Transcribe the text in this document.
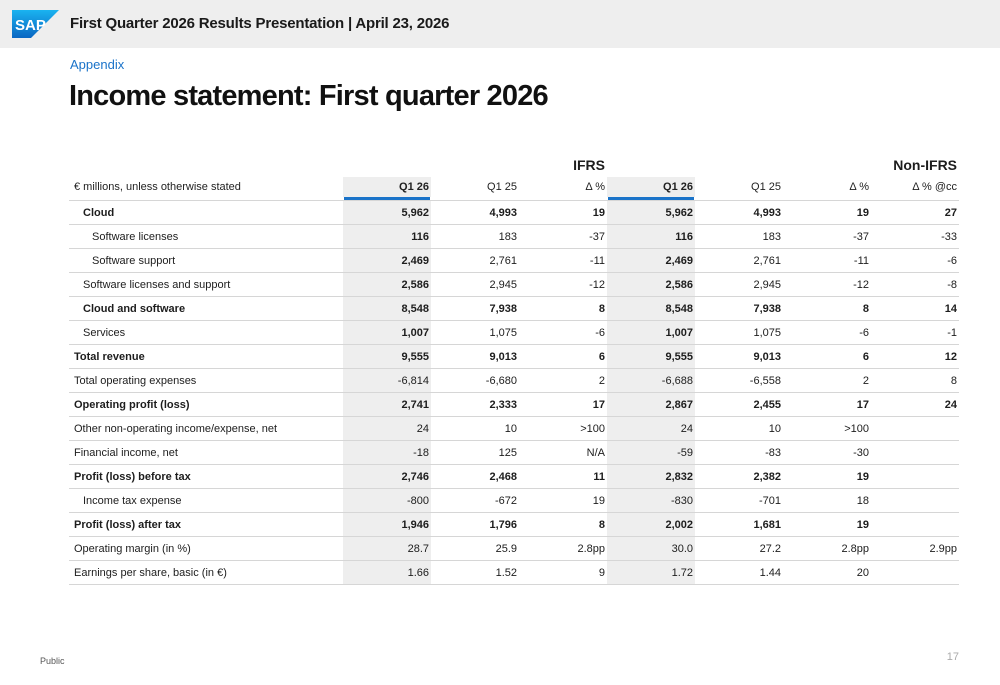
SAP First Quarter 2026 Results Presentation | April 23, 2026
Appendix
Income statement: First quarter 2026
	IFRS			Non-IFRS			
€ millions, unless otherwise stated	Q1 26	Q1 25	Δ %	Q1 26	Q1 25	Δ %	Δ % @cc

Cloud	5,962	4,993	19	5,962	4,993	19	27
Software licenses	116	183	-37	116	183	-37	-33
Software support	2,469	2,761	-11	2,469	2,761	-11	-6
Software licenses and support	2,586	2,945	-12	2,586	2,945	-12	-8
Cloud and software	8,548	7,938	8	8,548	7,938	8	14
Services	1,007	1,075	-6	1,007	1,075	-6	-1
Total revenue	9,555	9,013	6	9,555	9,013	6	12
Total operating expenses	-6,814	-6,680	2	-6,688	-6,558	2	8
Operating profit (loss)	2,741	2,333	17	2,867	2,455	17	24
Other non-operating income/expense, net	24	10	>100	24	10	>100	
Financial income, net	-18	125	N/A	-59	-83	-30	
Profit (loss) before tax	2,746	2,468	11	2,832	2,382	19	
Income tax expense	-800	-672	19	-830	-701	18	
Profit (loss) after tax	1,946	1,796	8	2,002	1,681	19	
Operating margin (in %)	28.7	25.9	2.8pp	30.0	27.2	2.8pp	2.9pp
Earnings per share, basic (in €)	1.66	1.52	9	1.72	1.44	20	
Public	17
